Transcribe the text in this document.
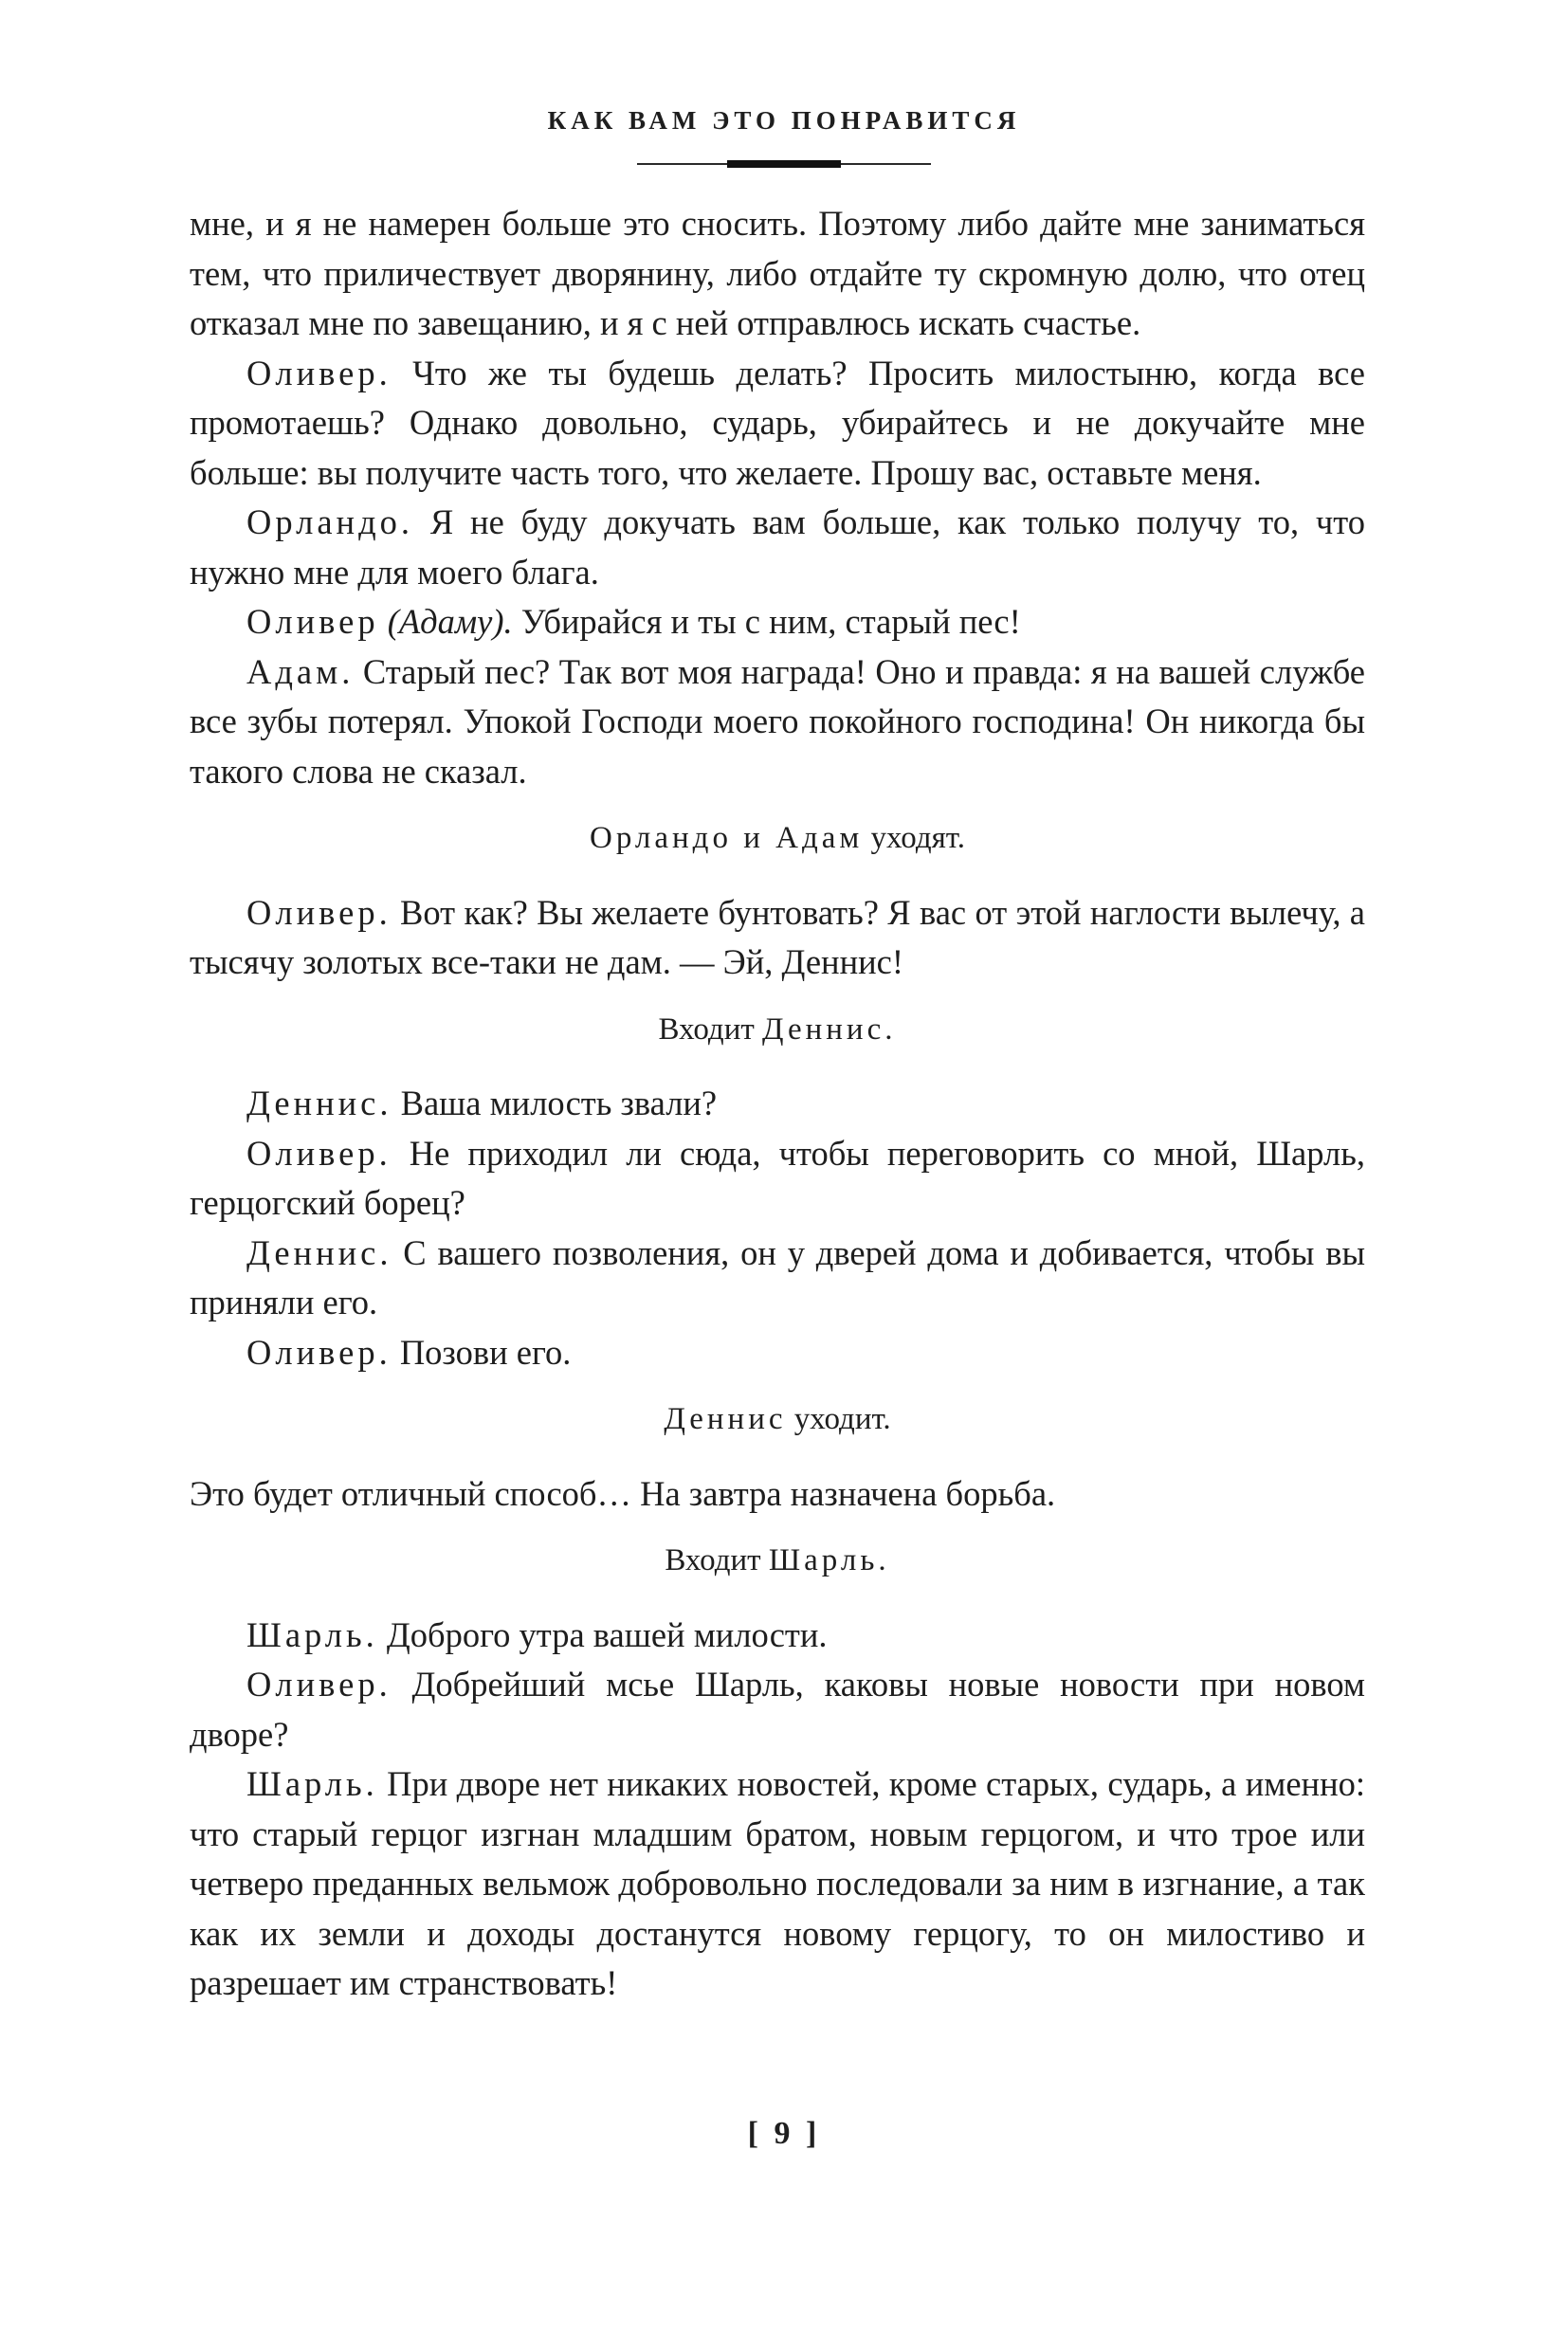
КАК ВАМ ЭТО ПОНРАВИТСЯ

мне, и я не намерен больше это сносить. Поэтому либо дайте мне заниматься тем, что приличествует дворянину, либо отдайте ту скромную долю, что отец отказал мне по завещанию, и я с ней отправлюсь искать счастье.

Оливер. Что же ты будешь делать? Просить милостыню, когда все промотаешь? Однако довольно, сударь, убирайтесь и не докучайте мне больше: вы получите часть того, что желаете. Прошу вас, оставьте меня.

Орландо. Я не буду докучать вам больше, как только получу то, что нужно мне для моего блага.

Оливер (Адаму). Убирайся и ты с ним, старый пес!

Адам. Старый пес? Так вот моя награда! Оно и правда: я на вашей службе все зубы потерял. Упокой Господи моего покойного господина! Он никогда бы такого слова не сказал.

Орландо и Адам уходят.

Оливер. Вот как? Вы желаете бунтовать? Я вас от этой наглости вылечу, а тысячу золотых все-таки не дам. — Эй, Деннис!

Входит Деннис.

Деннис. Ваша милость звали?

Оливер. Не приходил ли сюда, чтобы переговорить со мной, Шарль, герцогский борец?

Деннис. С вашего позволения, он у дверей дома и добивается, чтобы вы приняли его.

Оливер. Позови его.

Деннис уходит.

Это будет отличный способ… На завтра назначена борьба.

Входит Шарль.

Шарль. Доброго утра вашей милости.

Оливер. Добрейший мсье Шарль, каковы новые новости при новом дворе?

Шарль. При дворе нет никаких новостей, кроме старых, сударь, а именно: что старый герцог изгнан младшим братом, новым герцогом, и что трое или четверо преданных вельмож добровольно последовали за ним в изгнание, а так как их земли и доходы достанутся новому герцогу, то он милостиво и разрешает им странствовать!

[ 9 ]
